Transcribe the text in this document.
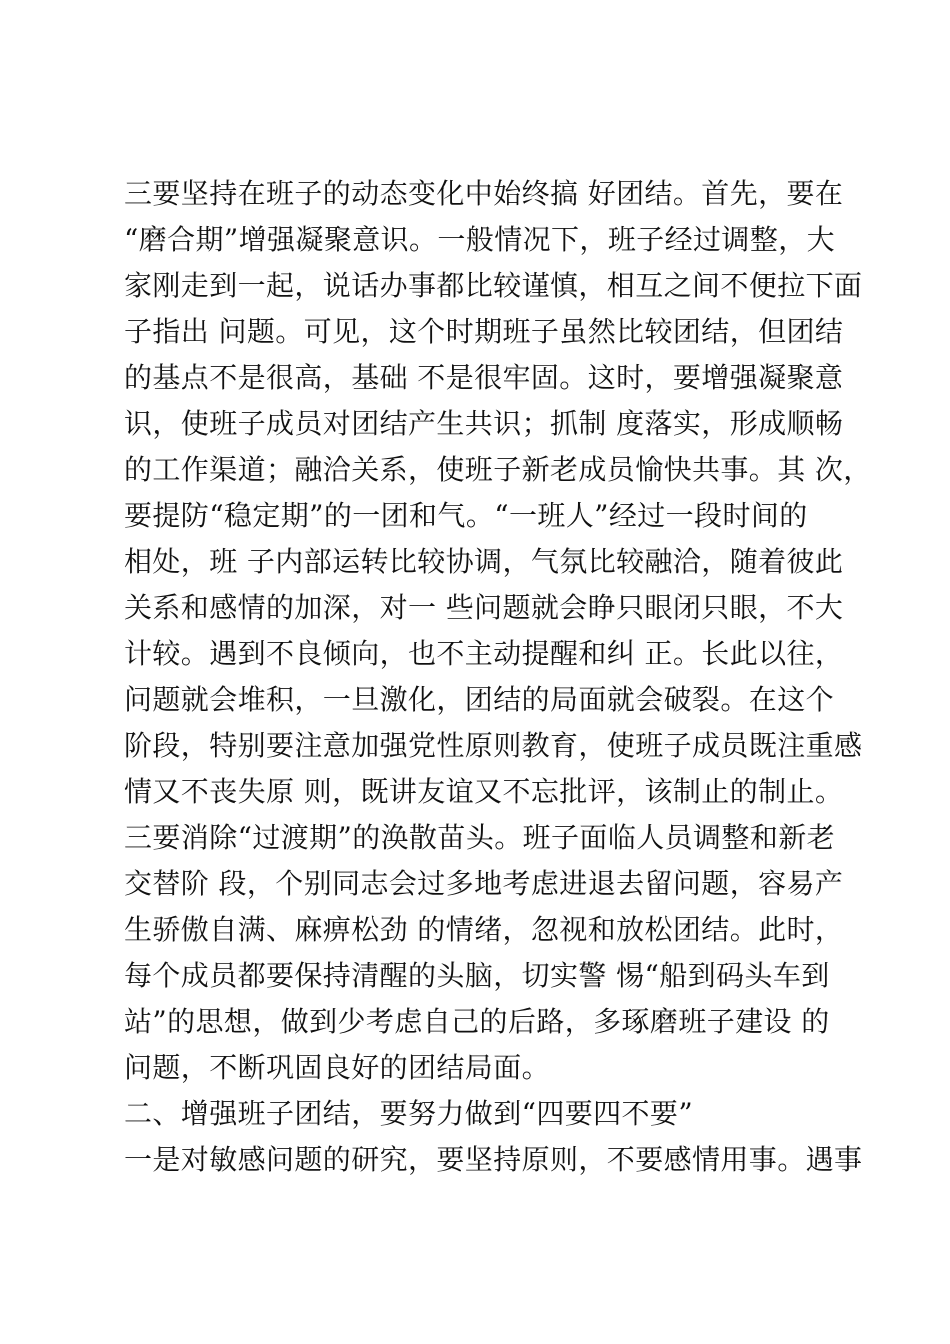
三要坚持在班子的动态变化中始终搞 好团结。首先，要在
“磨合期”增强凝聚意识。一般情况下，班子经过调整，大
家刚走到一起，说话办事都比较谨慎，相互之间不便拉下面
子指出 问题。可见，这个时期班子虽然比较团结，但团结
的基点不是很高，基础 不是很牢固。这时，要增强凝聚意
识，使班子成员对团结产生共识；抓制 度落实，形成顺畅
的工作渠道；融洽关系，使班子新老成员愉快共事。其 次，
要提防“稳定期”的一团和气。“一班人”经过一段时间的
相处，班 子内部运转比较协调，气氛比较融洽，随着彼此
关系和感情的加深，对一 些问题就会睁只眼闭只眼，不大
计较。遇到不良倾向，也不主动提醒和纠 正。长此以往，
问题就会堆积，一旦激化，团结的局面就会破裂。在这个
阶段，特别要注意加强党性原则教育，使班子成员既注重感
情又不丧失原 则，既讲友谊又不忘批评，该制止的制止。
三要消除“过渡期”的涣散苗头。班子面临人员调整和新老
交替阶 段，个别同志会过多地考虑进退去留问题，容易产
生骄傲自满、麻痹松劲 的情绪，忽视和放松团结。此时，
每个成员都要保持清醒的头脑，切实警 惕“船到码头车到
站”的思想，做到少考虑自己的后路，多琢磨班子建设 的
问题，不断巩固良好的团结局面。
二、增强班子团结，要努力做到“四要四不要”
一是对敏感问题的研究，要坚持原则，不要感情用事。遇事
